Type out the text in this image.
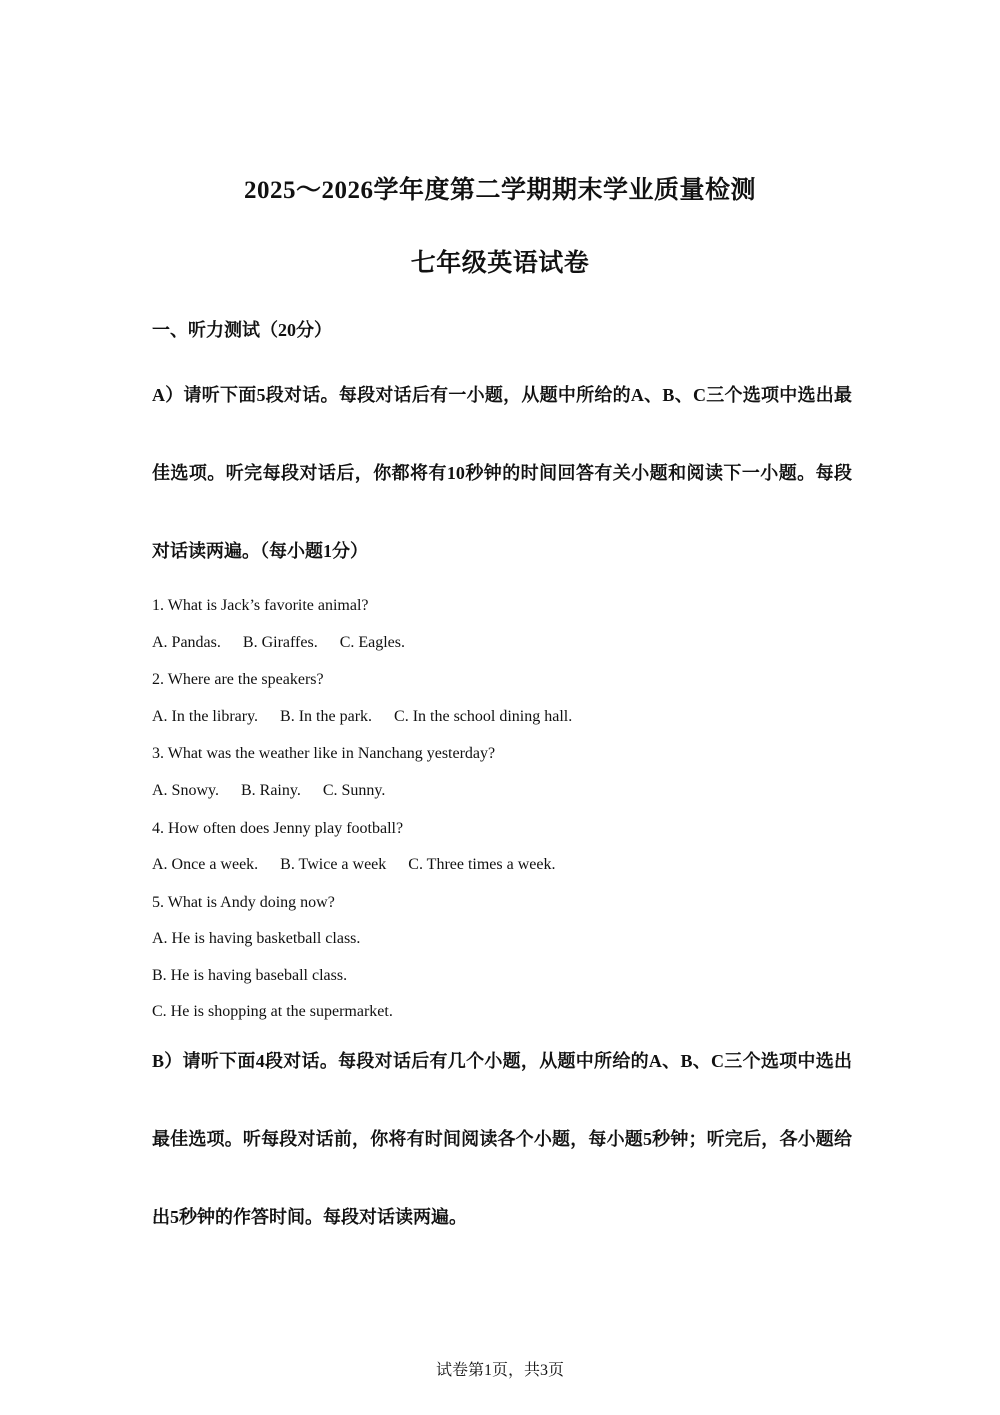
2025～2026学年度第二学期期末学业质量检测
七年级英语试卷
一、听力测试（20分）
A）请听下面5段对话。每段对话后有一小题，从题中所给的A、B、C三个选项中选出最佳选项。听完每段对话后，你都将有10秒钟的时间回答有关小题和阅读下一小题。每段对话读两遍。（每小题1分）
1. What is Jack’s favorite animal?
A. Pandas. B. Giraffes. C. Eagles.
2. Where are the speakers?
A. In the library. B. In the park. C. In the school dining hall.
3. What was the weather like in Nanchang yesterday?
A. Snowy. B. Rainy. C. Sunny.
4. How often does Jenny play football?
A. Once a week. B. Twice a week C. Three times a week.
5. What is Andy doing now?
A. He is having basketball class.
B. He is having baseball class.
C. He is shopping at the supermarket.
B）请听下面4段对话。每段对话后有几个小题，从题中所给的A、B、C三个选项中选出最佳选项。听每段对话前，你将有时间阅读各个小题，每小题5秒钟；听完后，各小题给出5秒钟的作答时间。每段对话读两遍。
试卷第1页，共3页
